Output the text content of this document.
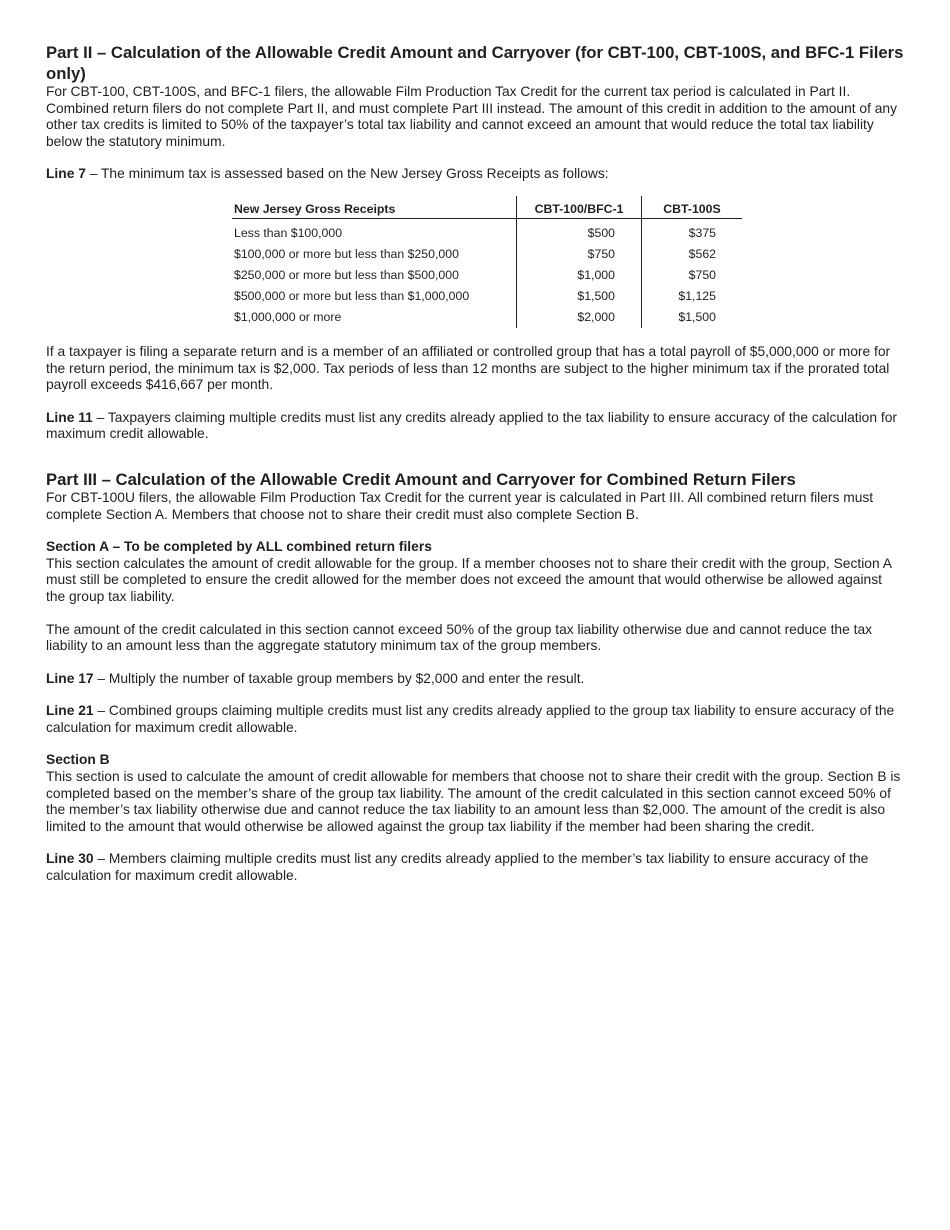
Part II – Calculation of the Allowable Credit Amount and Carryover (for CBT-100, CBT-100S, and BFC-1 Filers only)

For CBT-100, CBT-100S, and BFC-1 filers, the allowable Film Production Tax Credit for the current tax period is calculated in Part II. Combined return filers do not complete Part II, and must complete Part III instead. The amount of this credit in addition to the amount of any other tax credits is limited to 50% of the taxpayer’s total tax liability and cannot exceed an amount that would reduce the total tax liability below the statutory minimum.

Line 7 – The minimum tax is assessed based on the New Jersey Gross Receipts as follows:

New Jersey Gross Receipts	CBT-100/BFC-1	CBT-100S
Less than $100,000	$500	$375
$100,000 or more but less than $250,000	$750	$562
$250,000 or more but less than $500,000	$1,000	$750
$500,000 or more but less than $1,000,000	$1,500	$1,125
$1,000,000 or more	$2,000	$1,500

If a taxpayer is filing a separate return and is a member of an affiliated or controlled group that has a total payroll of $5,000,000 or more for the return period, the minimum tax is $2,000. Tax periods of less than 12 months are subject to the higher minimum tax if the prorated total payroll exceeds $416,667 per month.

Line 11 – Taxpayers claiming multiple credits must list any credits already applied to the tax liability to ensure accuracy of the calculation for maximum credit allowable.

Part III – Calculation of the Allowable Credit Amount and Carryover for Combined Return Filers

For CBT-100U filers, the allowable Film Production Tax Credit for the current year is calculated in Part III. All combined return filers must complete Section A. Members that choose not to share their credit must also complete Section B.

Section A – To be completed by ALL combined return filers

This section calculates the amount of credit allowable for the group. If a member chooses not to share their credit with the group, Section A must still be completed to ensure the credit allowed for the member does not exceed the amount that would otherwise be allowed against the group tax liability.

The amount of the credit calculated in this section cannot exceed 50% of the group tax liability otherwise due and cannot reduce the tax liability to an amount less than the aggregate statutory minimum tax of the group members.

Line 17 – Multiply the number of taxable group members by $2,000 and enter the result.

Line 21 – Combined groups claiming multiple credits must list any credits already applied to the group tax liability to ensure accuracy of the calculation for maximum credit allowable.

Section B

This section is used to calculate the amount of credit allowable for members that choose not to share their credit with the group. Section B is completed based on the member’s share of the group tax liability. The amount of the credit calculated in this section cannot exceed 50% of the member’s tax liability otherwise due and cannot reduce the tax liability to an amount less than $2,000. The amount of the credit is also limited to the amount that would otherwise be allowed against the group tax liability if the member had been sharing the credit.

Line 30 – Members claiming multiple credits must list any credits already applied to the member’s tax liability to ensure accuracy of the calculation for maximum credit allowable.
